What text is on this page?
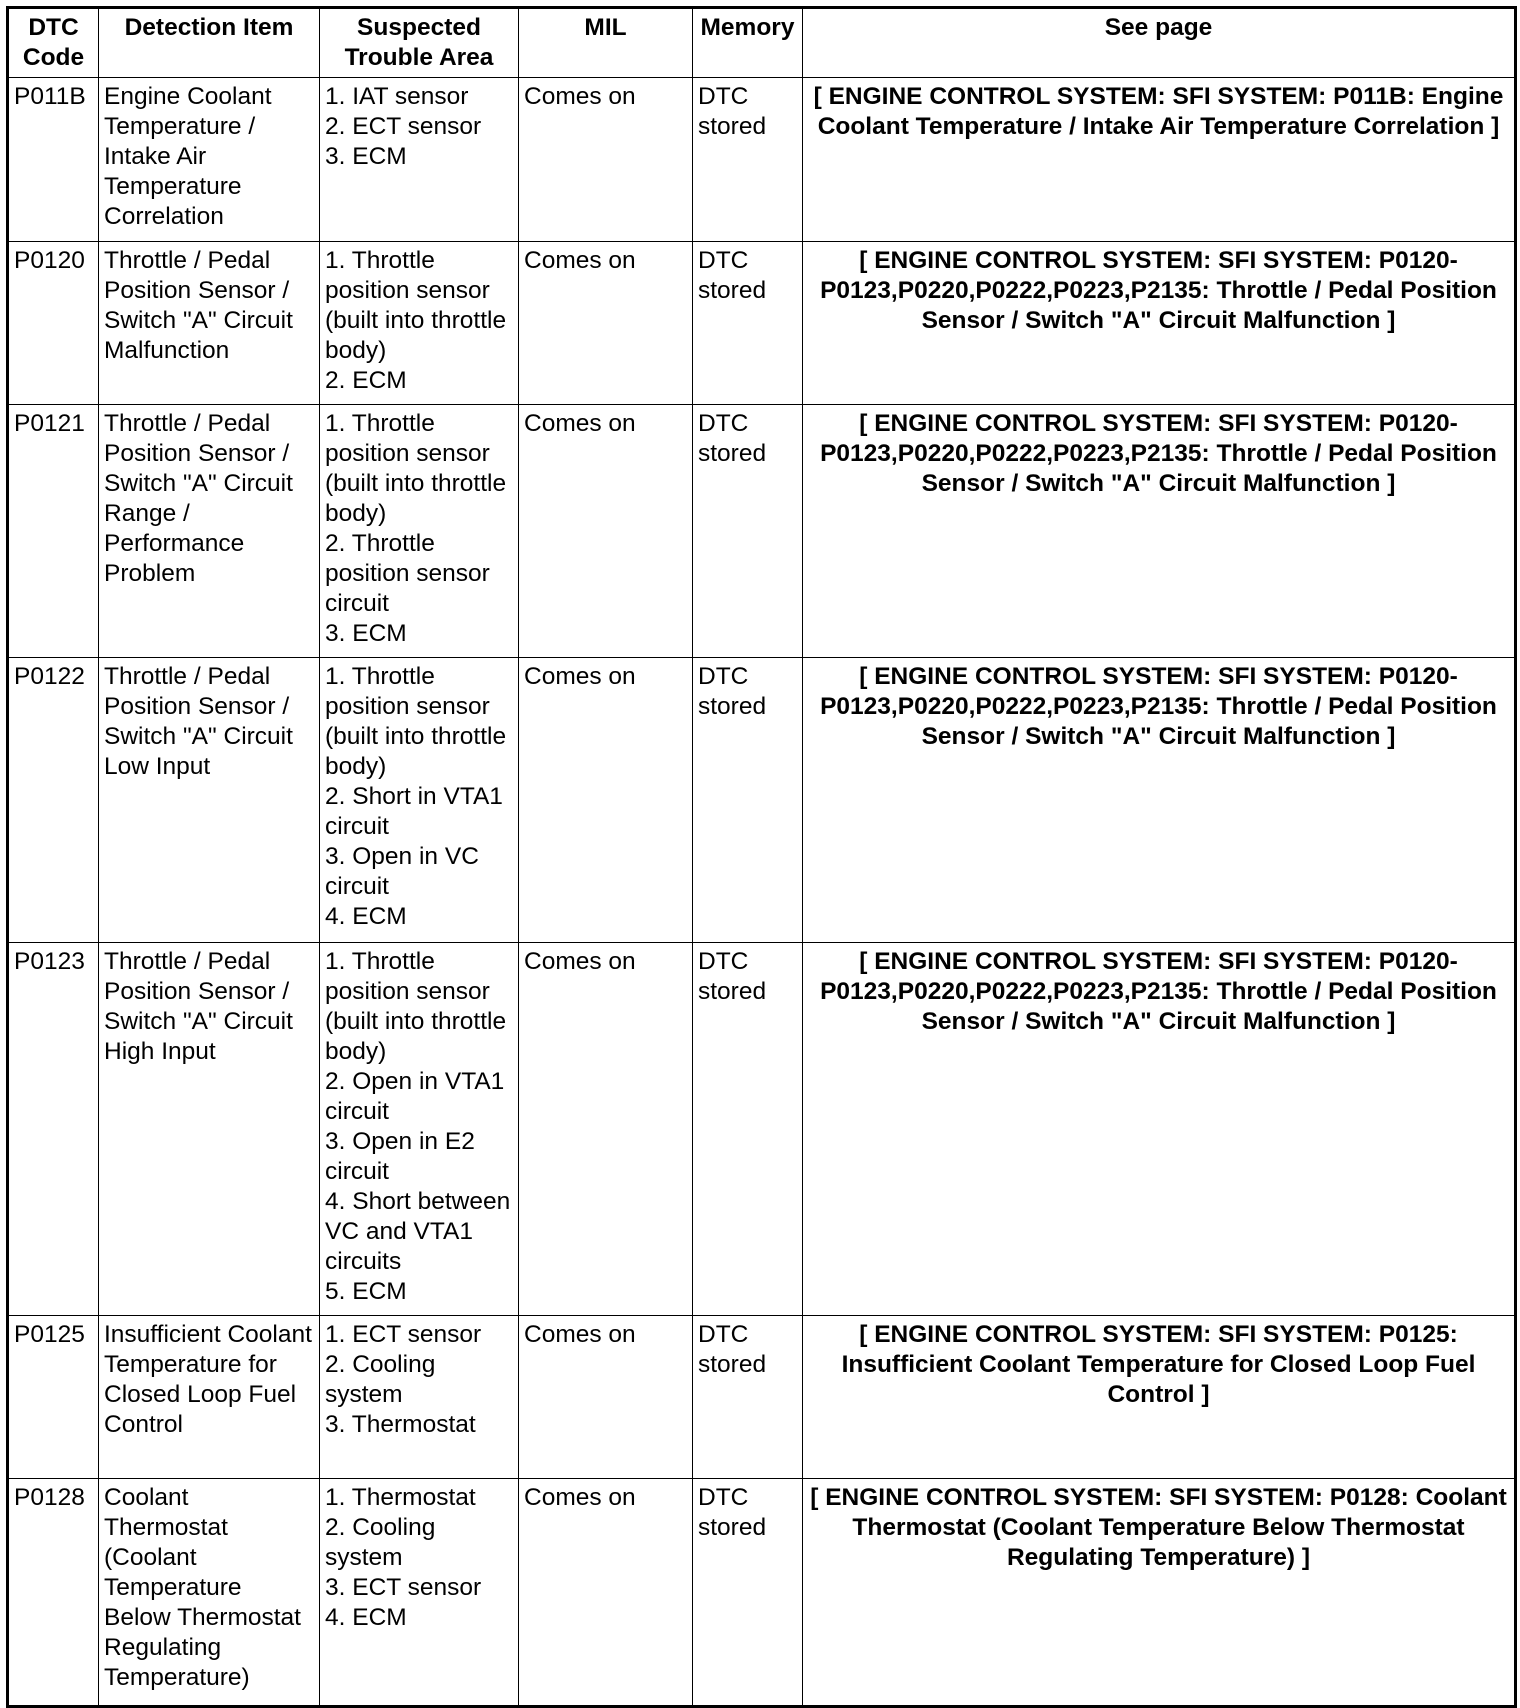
DTC Code	Detection Item	Suspected Trouble Area	MIL	Memory	See page
P011B	Engine Coolant Temperature / Intake Air Temperature Correlation	1. IAT sensor
2. ECT sensor
3. ECM	Comes on	DTC stored	[ ENGINE CONTROL SYSTEM: SFI SYSTEM: P011B: Engine Coolant Temperature / Intake Air Temperature Correlation ]
P0120	Throttle / Pedal Position Sensor / Switch "A" Circuit Malfunction	1. Throttle position sensor (built into throttle body)
2. ECM	Comes on	DTC stored	[ ENGINE CONTROL SYSTEM: SFI SYSTEM: P0120-P0123,P0220,P0222,P0223,P2135: Throttle / Pedal Position Sensor / Switch "A" Circuit Malfunction ]
P0121	Throttle / Pedal Position Sensor / Switch "A" Circuit Range / Performance Problem	1. Throttle position sensor (built into throttle body)
2. Throttle position sensor circuit
3. ECM	Comes on	DTC stored	[ ENGINE CONTROL SYSTEM: SFI SYSTEM: P0120-P0123,P0220,P0222,P0223,P2135: Throttle / Pedal Position Sensor / Switch "A" Circuit Malfunction ]
P0122	Throttle / Pedal Position Sensor / Switch "A" Circuit Low Input	1. Throttle position sensor (built into throttle body)
2. Short in VTA1 circuit
3. Open in VC circuit
4. ECM	Comes on	DTC stored	[ ENGINE CONTROL SYSTEM: SFI SYSTEM: P0120-P0123,P0220,P0222,P0223,P2135: Throttle / Pedal Position Sensor / Switch "A" Circuit Malfunction ]
P0123	Throttle / Pedal Position Sensor / Switch "A" Circuit High Input	1. Throttle position sensor (built into throttle body)
2. Open in VTA1 circuit
3. Open in E2 circuit
4. Short between VC and VTA1 circuits
5. ECM	Comes on	DTC stored	[ ENGINE CONTROL SYSTEM: SFI SYSTEM: P0120-P0123,P0220,P0222,P0223,P2135: Throttle / Pedal Position Sensor / Switch "A" Circuit Malfunction ]
P0125	Insufficient Coolant Temperature for Closed Loop Fuel Control	1. ECT sensor
2. Cooling system
3. Thermostat	Comes on	DTC stored	[ ENGINE CONTROL SYSTEM: SFI SYSTEM: P0125: Insufficient Coolant Temperature for Closed Loop Fuel Control ]
P0128	Coolant Thermostat (Coolant Temperature Below Thermostat Regulating Temperature)	1. Thermostat
2. Cooling system
3. ECT sensor
4. ECM	Comes on	DTC stored	[ ENGINE CONTROL SYSTEM: SFI SYSTEM: P0128: Coolant Thermostat (Coolant Temperature Below Thermostat Regulating Temperature) ]
